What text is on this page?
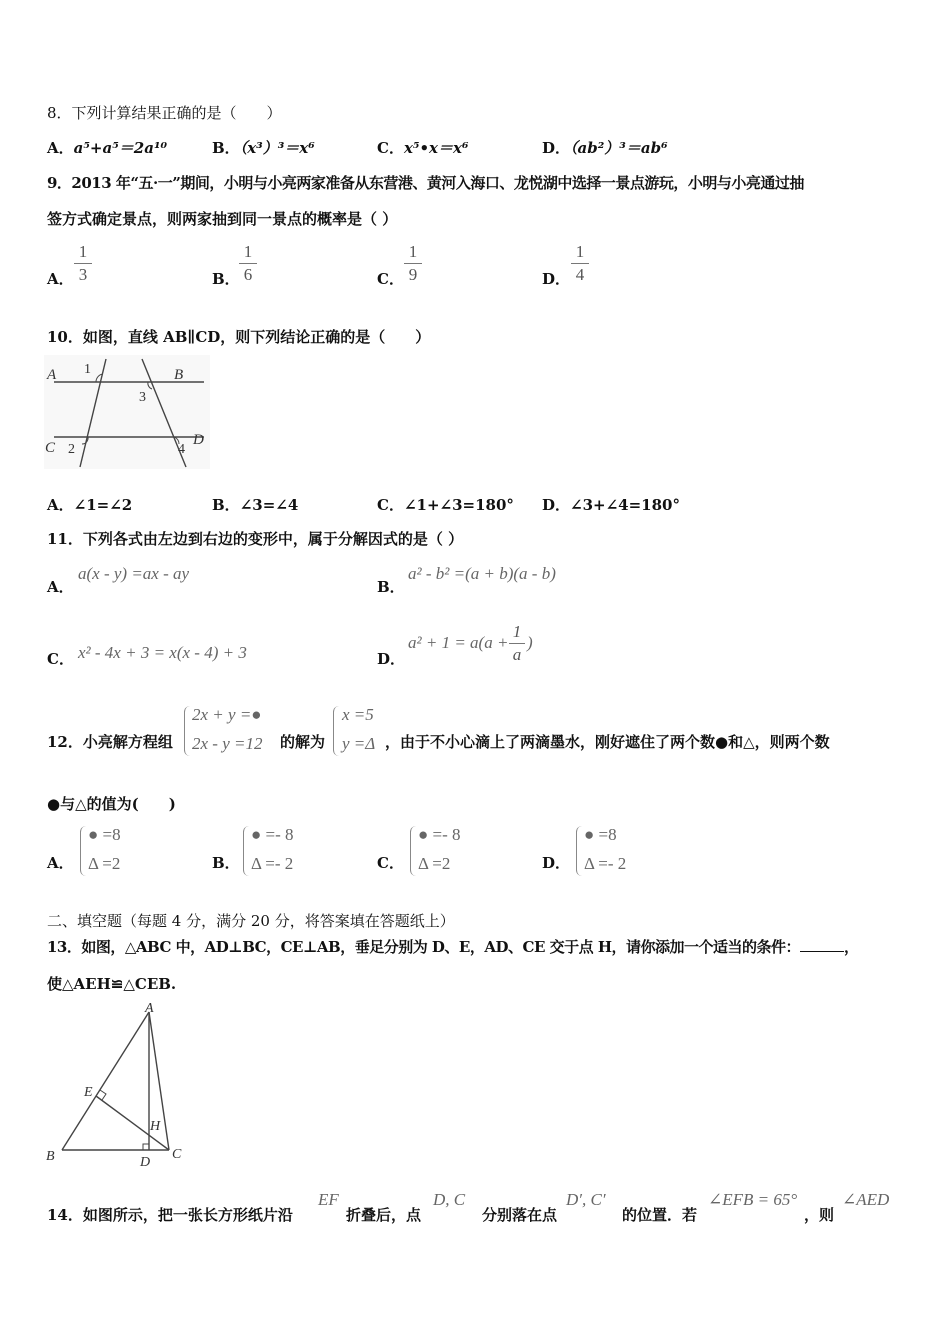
8．下列计算结果正确的是（　　）
A．a⁵+a⁵＝2a¹⁰	B．（x³）³＝x⁶	C．x⁵•x＝x⁶	D．（ab²）³＝ab⁶
9．2013 年“五·一”期间，小明与小亮两家准备从东营港、黄河入海口、龙悦湖中选择一景点游玩，小明与小亮通过抽
签方式确定景点，则两家抽到同一景点的概率是（ ）
A．
1
3	B．
1
6	C．
1
9	D．
1
4
10．如图，直线 AB∥CD，则下列结论正确的是（　　）
A	B
C	D
1
2
3
4
A．∠1=∠2	B．∠3=∠4	C．∠1+∠3=180° D．∠3+∠4=180°
11．下列各式由左边到右边的变形中，属于分解因式的是（ ）
A．
a(x - y) =ax - ay
B．
a² - b² =(a + b)(a - b)
C． x² - 4x + 3 = x(x - 4) + 3	D．
a² + 1 = a(a +
1
a
)
12．小亮解方程组
2x + y =●
2x - y =12 的解为
x =5
y =Δ ，由于不小心滴上了两滴墨水，刚好遮住了两个数●和△，则两个数
●与△的值为(　　)
A．
● =8
Δ =2	B．
● =- 8
Δ =- 2	C．
● =- 8
Δ =2	D．
● =8
Δ =- 2
二、填空题（每题 4 分，满分 20 分，将答案填在答题纸上）
13．如图，△ABC 中，AD⊥BC，CE⊥AB，垂足分别为 D、E，AD、CE 交于点 H，请你添加一个适当的条件：	，
使△AEH≌△CEB.
A
B	C
D
E
H
14．如图所示，把一张长方形纸片沿
EF
折叠后，点
D, C
分别落在点
D′, C′
的位置．若
∠EFB = 65°
，则
∠AED
